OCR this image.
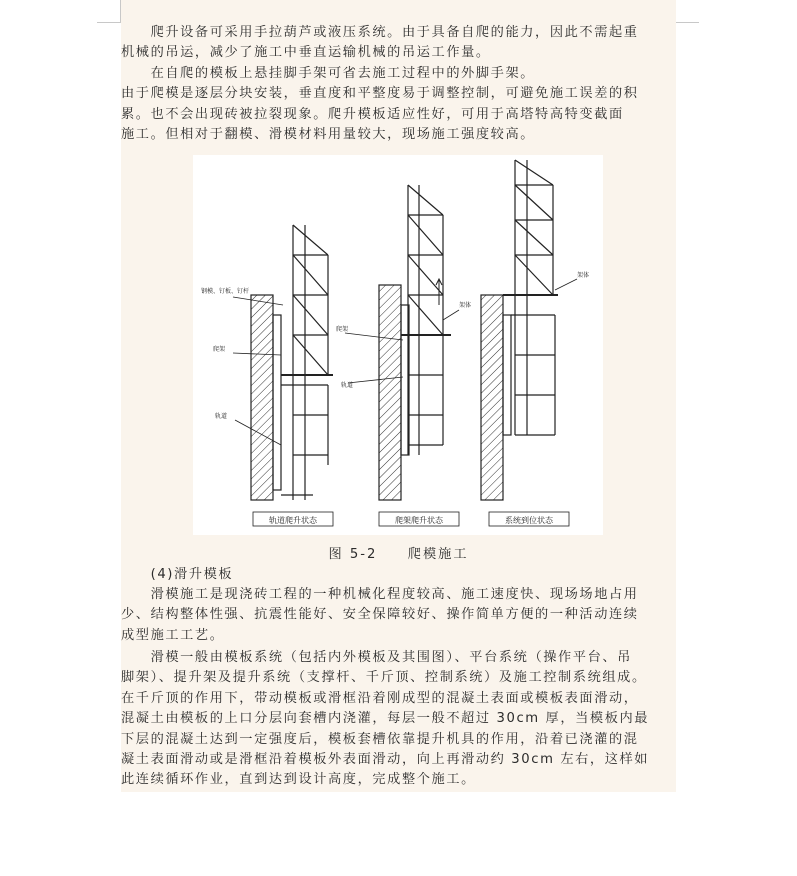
　　爬升设备可采用手拉葫芦或液压系统。由于具备自爬的能力，因此不需起重
机械的吊运，减少了施工中垂直运输机械的吊运工作量。
　　在自爬的模板上悬挂脚手架可省去施工过程中的外脚手架。
由于爬模是逐层分块安装，垂直度和平整度易于调整控制，可避免施工误差的积
累。也不会出现砖被拉裂现象。爬升模板适应性好，可用于高塔特高特变截面
施工。但相对于翻模、滑模材料用量较大，现场施工强度较高。
钢模、钉板、钉杆
爬架
轨道
爬架
轨道
架体
架体
轨道爬升状态	爬架爬升状态	系统到位状态
图 5-2　　爬模施工
　　(4)滑升模板
　　滑模施工是现浇砖工程的一种机械化程度较高、施工速度快、现场场地占用
少、结构整体性强、抗震性能好、安全保障较好、操作简单方便的一种活动连续
成型施工工艺。
　　滑模一般由模板系统（包括内外模板及其围图）、平台系统（操作平台、吊
脚架）、提升架及提升系统（支撑杆、千斤顶、控制系统）及施工控制系统组成。
在千斤顶的作用下，带动模板或滑框沿着刚成型的混凝土表面或模板表面滑动，
混凝土由模板的上口分层向套槽内浇灌，每层一般不超过 30cm 厚，当模板内最
下层的混凝土达到一定强度后，模板套槽依靠提升机具的作用，沿着已浇灌的混
凝土表面滑动或是滑框沿着模板外表面滑动，向上再滑动约 30cm 左右，这样如
此连续循环作业，直到达到设计高度，完成整个施工。
